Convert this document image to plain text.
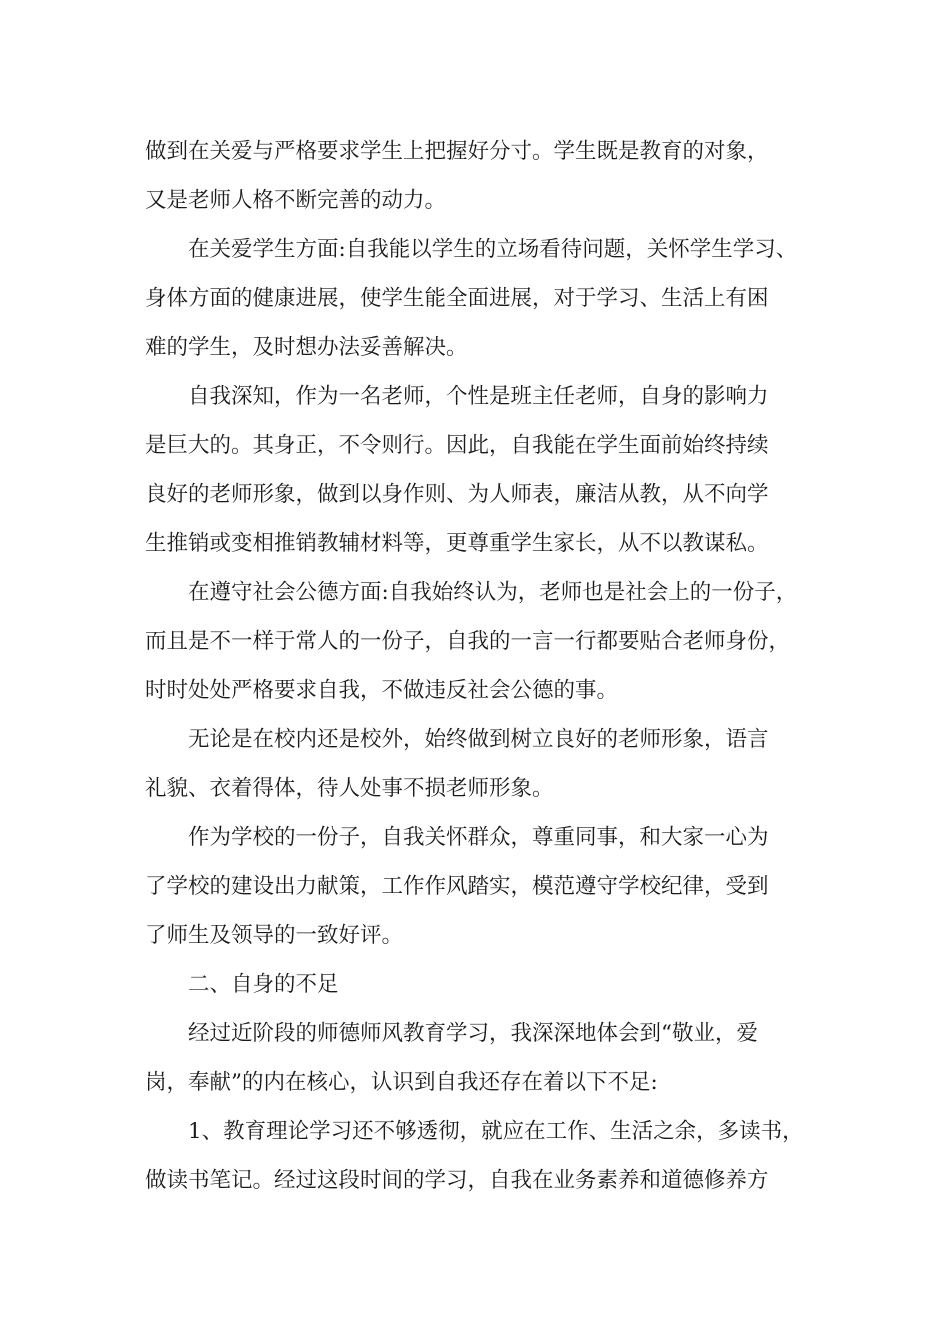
做到在关爱与严格要求学生上把握好分寸。学生既是教育的对象，
又是老师人格不断完善的动力。
在关爱学生方面:自我能以学生的立场看待问题，关怀学生学习、
身体方面的健康进展，使学生能全面进展，对于学习、生活上有困
难的学生，及时想办法妥善解决。
自我深知，作为一名老师，个性是班主任老师，自身的影响力
是巨大的。其身正，不令则行。因此，自我能在学生面前始终持续
良好的老师形象，做到以身作则、为人师表，廉洁从教，从不向学
生推销或变相推销教辅材料等，更尊重学生家长，从不以教谋私。
在遵守社会公德方面:自我始终认为，老师也是社会上的一份子，
而且是不一样于常人的一份子，自我的一言一行都要贴合老师身份，
时时处处严格要求自我，不做违反社会公德的事。
无论是在校内还是校外，始终做到树立良好的老师形象，语言
礼貌、衣着得体，待人处事不损老师形象。
作为学校的一份子，自我关怀群众，尊重同事，和大家一心为
了学校的建设出力献策，工作作风踏实，模范遵守学校纪律，受到
了师生及领导的一致好评。
二、自身的不足
经过近阶段的师德师风教育学习，我深深地体会到“敬业，爱
岗，奉献”的内在核心，认识到自我还存在着以下不足:
1、教育理论学习还不够透彻，就应在工作、生活之余，多读书，
做读书笔记。经过这段时间的学习，自我在业务素养和道德修养方
